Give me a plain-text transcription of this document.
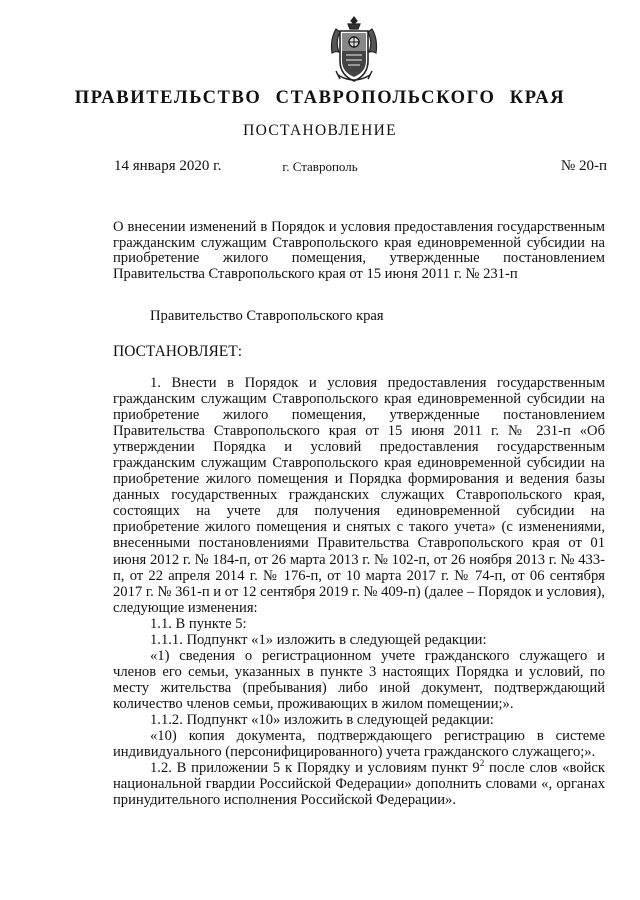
ПРАВИТЕЛЬСТВО СТАВРОПОЛЬСКОГО КРАЯ
ПОСТАНОВЛЕНИЕ
14 января 2020 г.	г. Ставрополь	№ 20-п
О внесении изменений в Порядок и условия предоставления государственным гражданским служащим Ставропольского края единовременной субсидии на приобретение жилого помещения, утвержденные постановлением Правительства Ставропольского края от 15 июня 2011 г. № 231-п
Правительство Ставропольского края
ПОСТАНОВЛЯЕТ:

1. Внести в Порядок и условия предоставления государственным гражданским служащим Ставропольского края единовременной субсидии на приобретение жилого помещения, утвержденные постановлением Правительства Ставропольского края от 15 июня 2011 г. № 231-п «Об утверждении Порядка и условий предоставления государственным гражданским служащим Ставропольского края единовременной субсидии на приобретение жилого помещения и Порядка формирования и ведения базы данных государственных гражданских служащих Ставропольского края, состоящих на учете для получения единовременной субсидии на приобретение жилого помещения и снятых с такого учета» (с изменениями, внесенными постановлениями Правительства Ставропольского края от 01 июня 2012 г. № 184-п, от 26 марта 2013 г. № 102-п, от 26 ноября 2013 г. № 433-п, от 22 апреля 2014 г. № 176-п, от 10 марта 2017 г. № 74-п, от 06 сентября 2017 г. № 361-п и от 12 сентября 2019 г. № 409-п) (далее – Порядок и условия), следующие изменения:

1.1. В пункте 5:

1.1.1. Подпункт «1» изложить в следующей редакции:

«1) сведения о регистрационном учете гражданского служащего и членов его семьи, указанных в пункте 3 настоящих Порядка и условий, по месту жительства (пребывания) либо иной документ, подтверждающий количество членов семьи, проживающих в жилом помещении;».

1.1.2. Подпункт «10» изложить в следующей редакции:

«10) копия документа, подтверждающего регистрацию в системе индивидуального (персонифицированного) учета гражданского служащего;».

1.2. В приложении 5 к Порядку и условиям пункт $9^2$ после слов «войск национальной гвардии Российской Федерации» дополнить словами «, органах принудительного исполнения Российской Федерации».
